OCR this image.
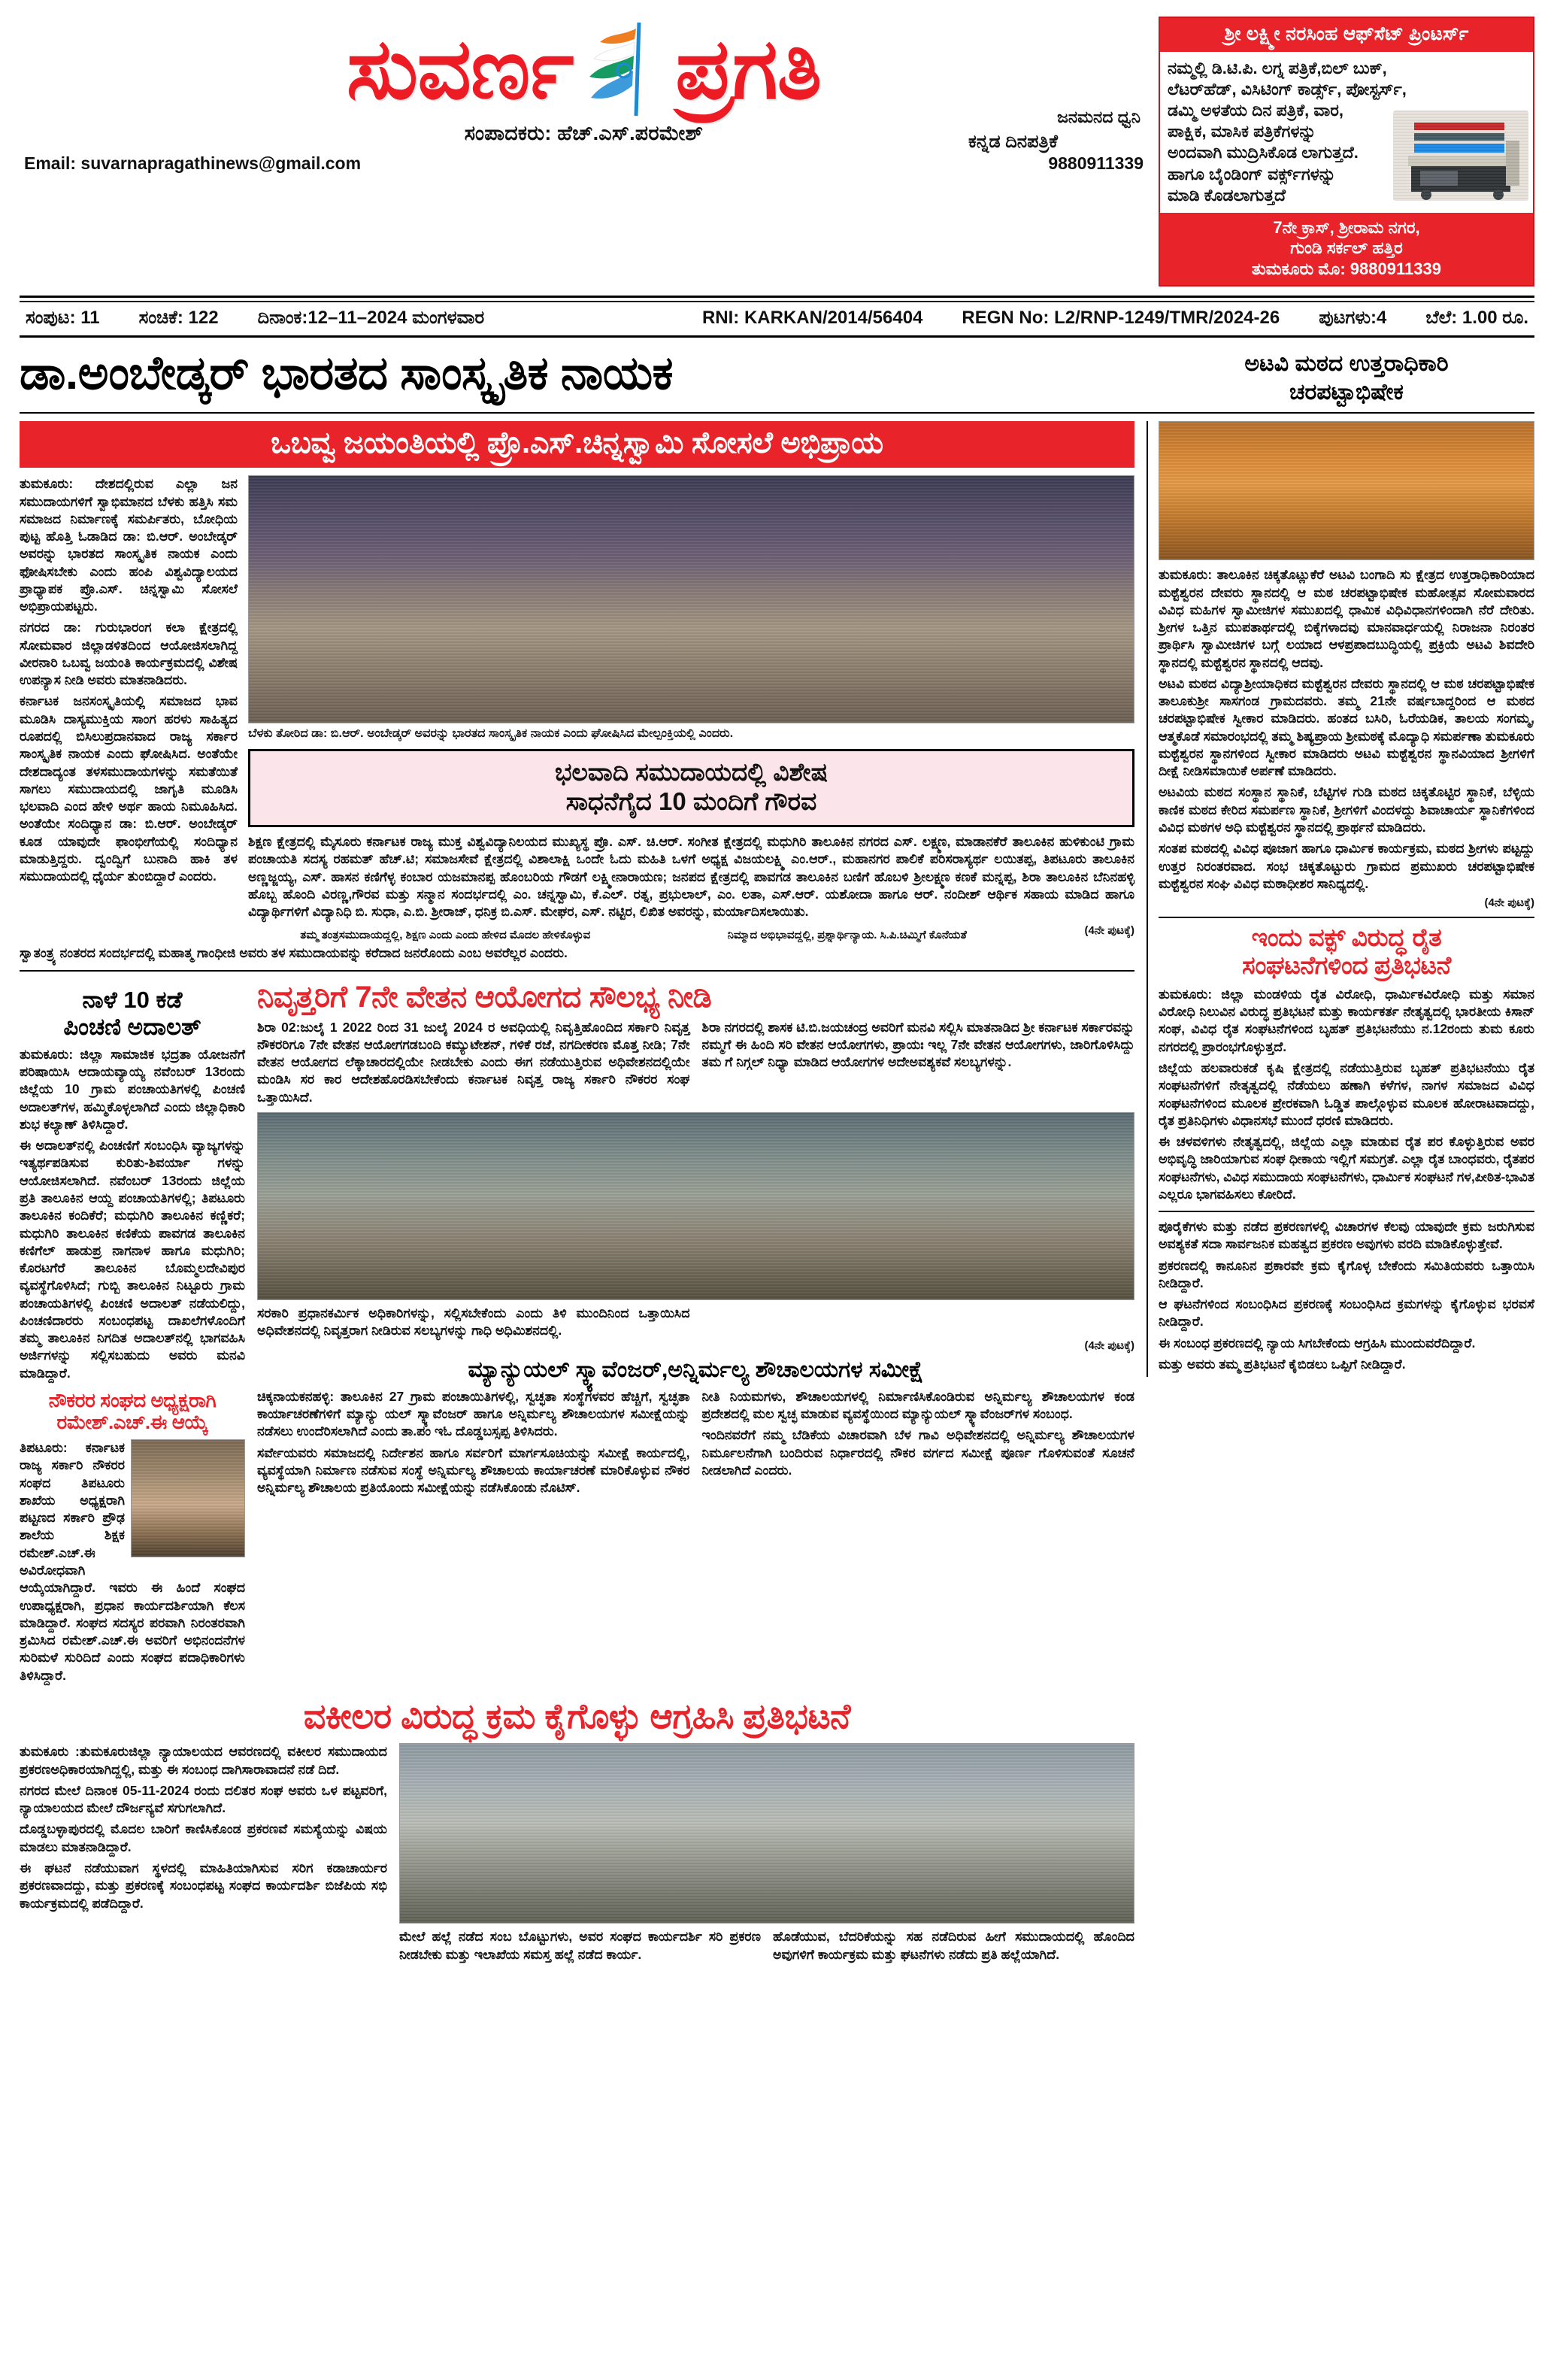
ಸುವರ್ಣ ಪ್ರಗತಿ
ಸಂಪಾದಕರು: ಹೆಚ್.ಎಸ್.ಪರಮೇಶ್
Email: suvarnapragathinews@gmail.com	9880911339
ಕನ್ನಡ ದಿನಪತ್ರಿಕೆ
ಜನಮನದ ಧ್ವನಿ
ಶ್ರೀ ಲಕ್ಷ್ಮೀ ನರಸಿಂಹ ಆಫ್‌ಸೆಟ್ ಪ್ರಿಂಟರ್ಸ್

ನಮ್ಮಲ್ಲಿ ಡಿ.ಟಿ.ಪಿ. ಲಗ್ನ ಪತ್ರಿಕೆ,ಬಿಲ್ ಬುಕ್,

ಲೆಟರ್‌ಹೆಡ್, ವಿಸಿಟಿಂಗ್ ಕಾರ್ಡ್ಸ್, ಪೋಸ್ಟರ್ಸ್,

ಡಮ್ಮಿ ಅಳತೆಯ ದಿನ ಪತ್ರಿಕೆ, ವಾರ,

ಪಾಕ್ಷಿಕ, ಮಾಸಿಕ ಪತ್ರಿಕೆಗಳನ್ನು

ಅಂದವಾಗಿ ಮುದ್ರಿಸಿಕೊಡ ಲಾಗುತ್ತದೆ.

ಹಾಗೂ ಬೈಂಡಿಂಗ್ ವರ್ಕ್ಸ್‌ಗಳನ್ನು

ಮಾಡಿ ಕೊಡಲಾಗುತ್ತದೆ

7ನೇ ಕ್ರಾಸ್, ಶ್ರೀರಾಮ ನಗರ,
ಗುಂಡಿ ಸರ್ಕಲ್ ಹತ್ತಿರ
ತುಮಕೂರು ಮೊ: 9880911339
ಸಂಪುಟ: 11 ಸಂಚಿಕೆ: 122 ದಿನಾಂಕ:12–11–2024 ಮಂಗಳವಾರ	RNI: KARKAN/2014/56404 REGN No: L2/RNP-1249/TMR/2024-26 ಪುಟಗಳು:4 ಬೆಲೆ: 1.00 ರೂ.
ಡಾ.ಅಂಬೇಡ್ಕರ್ ಭಾರತದ ಸಾಂಸ್ಕೃತಿಕ ನಾಯಕ	ಅಟವಿ ಮಠದ ಉತ್ತರಾಧಿಕಾರಿ
ಚರಪಟ್ಟಾಭಿಷೇಕ
ಒಬವ್ವ ಜಯಂತಿಯಲ್ಲಿ ಪ್ರೊ.ಎಸ್.ಚಿನ್ನಸ್ವಾಮಿ ಸೋಸಲೆ ಅಭಿಪ್ರಾಯ

ತುಮಕೂರು: ದೇಶದಲ್ಲಿರುವ ಎಲ್ಲಾ ಜನ ಸಮುದಾಯಗಳಿಗೆ ಸ್ವಾಭಿಮಾನದ ಬೆಳಕು ಹತ್ತಿಸಿ ಸಮ ಸಮಾಜದ ನಿರ್ಮಾಣಕ್ಕೆ ಸಮರ್ಪಿತರು, ಬೋಧಿಯ ಪುಟ್ಟ ಹೊತ್ತಿ ಓಡಾಡಿದ ಡಾ: ಬಿ.ಆರ್. ಅಂಬೇಡ್ಕರ್ ಅವರನ್ನು ಭಾರತದ ಸಾಂಸ್ಕೃತಿಕ ನಾಯಕ ಎಂದು ಫೋಷಿಸಬೇಕು ಎಂದು ಹಂಪಿ ವಿಶ್ವವಿದ್ಯಾಲಯದ ಪ್ರಾಧ್ಯಾಪಕ ಪ್ರೊ.ಎಸ್. ಚಿನ್ನಸ್ವಾಮಿ ಸೋಸಲೆ ಅಭಿಪ್ರಾಯಪಟ್ಟರು.

ನಗರದ ಡಾ: ಗುರುಭಾರಂಗ ಕಲಾ ಕ್ಷೇತ್ರದಲ್ಲಿ ಸೋಮವಾರ ಜಿಲ್ಲಾಡಳಿತದಿಂದ ಆಯೋಜಿಸಲಾಗಿದ್ದ ವೀರನಾರಿ ಒಬವ್ವ ಜಯಂತಿ ಕಾರ್ಯಕ್ರಮದಲ್ಲಿ ವಿಶೇಷ ಉಪನ್ಯಾಸ ನೀಡಿ ಅವರು ಮಾತನಾಡಿದರು.

ಕರ್ನಾಟಕ ಜನಸಂಸ್ಕೃತಿಯಲ್ಲಿ ಸಮಾಜದ ಭಾವ ಮೂಡಿಸಿ ದಾಸ್ಯಮುಕ್ತಿಯ ಸಾಂಗ ಹರಳು ಸಾಹಿತ್ಯದ ರೂಪದಲ್ಲಿ ಬಿಸಿಲುಪ್ರದಾನವಾದ ರಾಜ್ಯ ಸರ್ಕಾರ ಸಾಂಸ್ಕೃತಿಕ ನಾಯಕ ಎಂದು ಘೋಷಿಸಿದ. ಅಂತೆಯೇ ದೇಶದಾದ್ಯಂತ ತಳಸಮುದಾಯಗಳನ್ನು ಸಮತೆಯಿತೆ ಸಾಗಲು ಸಮುದಾಯದಲ್ಲಿ ಜಾಗೃತಿ ಮೂಡಿಸಿ ಭಲವಾದಿ ಎಂದ ಹೇಳಿ ಅರ್ಥ ಹಾಯ ನಿಮೂಹಿಸಿದ. ಅಂತೆಯೇ ಸಂದಿಧ್ಯಾನ ಡಾ: ಬಿ.ಆರ್. ಅಂಬೇಡ್ಕರ್ ಕೂಡ ಯಾವುದೇ ಫಾಂಭೀಗೆಯಲ್ಲಿ ಸಂದಿಧ್ಯಾನ ಮಾಡುತ್ತಿದ್ದರು. ದ್ವಂದ್ವಿಗೆ ಬುನಾದಿ ಹಾಕಿ ತಳ ಸಮುದಾಯದಲ್ಲಿ ಧೈರ್ಯ ತುಂಬಿದ್ದಾರೆ ಎಂದರು.

ಬೆಳಕು ತೋರಿದ ಡಾ: ಬಿ.ಆರ್. ಅಂಬೇಡ್ಕರ್ ಅವರನ್ನು ಭಾರತದ ಸಾಂಸ್ಕೃತಿಕ ನಾಯಕ ಎಂದು ಘೋಷಿಸಿದ ಮೇಲ್ಪಂಕ್ತಿಯಲ್ಲಿ ಎಂದರು.
ಭಲವಾದಿ ಸಮುದಾಯದಲ್ಲಿ ವಿಶೇಷ
ಸಾಧನೆಗೈದ 10 ಮಂದಿಗೆ ಗೌರವ

ಶಿಕ್ಷಣ ಕ್ಷೇತ್ರದಲ್ಲಿ ಮೈಸೂರು ಕರ್ನಾಟಕ ರಾಜ್ಯ ಮುಕ್ತ ವಿಶ್ವವಿದ್ಯಾನಿಲಯದ ಮುಖ್ಯಸ್ಥ ಪ್ರೊ. ಎಸ್. ಚಿ.ಆರ್. ಸಂಗೀತ ಕ್ಷೇತ್ರದಲ್ಲಿ ಮಧುಗಿರಿ ತಾಲೂಕಿನ ನಗರದ ಎಸ್. ಲಕ್ಷ್ಮಣ, ಮಾಡಾನಕೆರೆ ತಾಲೂಕಿನ ಹುಳಿಕುಂಟಿ ಗ್ರಾಮ ಪಂಚಾಯತಿ ಸದಸ್ಯ ರಹಮತ್ ಹೆಚ್.ಟಿ; ಸಮಾಜಸೇವೆ ಕ್ಷೇತ್ರದಲ್ಲಿ ವಿಶಾಲಾಕ್ಷಿ ಒಂದೇ ಓದು ಮಹಿತಿ ಒಳಗೆ ಅಧ್ಯಕ್ಷ ವಿಜಯಲಕ್ಷ್ಮಿ ಎಂ.ಆರ್., ಮಹಾನಗರ ಪಾಲಿಕೆ ಪರಿಸರಾಸ್ಯರ್ಥ ಲಯಿತಪ್ಪ, ತಿಪಟೂರು ತಾಲೂಕಿನ ಅಣ್ಣಜ್ಜಯ್ಯ, ಎಸ್. ಹಾಸನ ಕಣಿಗೆಳ್ಳ ಕಂಬಾರ ಯಜಮಾನಪ್ಪ ಹೊಂಬರಿಯ ಗೌಡಗೆ ಲಕ್ಷ್ಮೀನಾರಾಯಣ; ಜನಪದ ಕ್ಷೇತ್ರದಲ್ಲಿ ಪಾವಗಡ ತಾಲೂಕಿನ ಬಣಿಗೆ ಹೊಬಳಿ ಶ್ರೀಲಕ್ಷ್ಮಣ ಕಣಕೆ ಮನ್ನಪ್ಪ, ಶಿರಾ ತಾಲೂಕಿನ ಬೆನಿನಹಳ್ಳಿ ಹೊಬ್ಬ ಹೊಂದಿ ವಿರಣ್ಣ,ಗೌರವ ಮತ್ತು ಸನ್ಮಾನ ಸಂದರ್ಭದಲ್ಲಿ ಎಂ. ಚನ್ನಸ್ವಾಮಿ, ಕೆ.ಎಲ್. ರತ್ನ, ಪ್ರಭುಲಾಲ್, ಎಂ. ಲತಾ, ಎಸ್.ಆರ್. ಯಶೋದಾ ಹಾಗೂ ಆರ್. ನಂದೀಶ್ ಆರ್ಥಿಕ ಸಹಾಯ ಮಾಡಿದ ಹಾಗೂ ವಿದ್ಯಾರ್ಥಿಗಳಿಗೆ ವಿದ್ಯಾನಿಧಿ ಬಿ. ಸುಧಾ, ಎ.ಬಿ. ಶ್ರೀರಾಜ್, ಧನಿಕ್ರ ಬಿ.ಎಸ್. ಮೇಘರ, ಎಸ್. ನಟ್ಟಿರ, ಲಿಖಿತ ಅವರನ್ನು, ಮರ್ಯಾದಿಸಲಾಯಿತು.

ತಮ್ಮ ತಂತ್ರಸಮುದಾಯದ್ದಲ್ಲಿ, ಶಿಕ್ಷಣ ಎಂದು ಎಂದು ಹೇಳಿದ ಮೊದಲ ಹೇಳಿಕೊಳ್ಳುವ	ನಿಮ್ಮಾದ ಅಭಿಭಾವದ್ದಲ್ಲಿ, ಪ್ರಶ್ನಾರ್ಥಿನ್ಯಾಯ. ಸಿ.ಪಿ.ಚಿಮ್ಮಿಗೆ ಕೊನೆಯತೆ	(4ನೇ ಪುಟಕ್ಕೆ)

ಸ್ವಾತಂತ್ರ್ಯ ನಂತರದ ಸಂದರ್ಭದಲ್ಲಿ ಮಹಾತ್ಮ ಗಾಂಧೀಜಿ ಅವರು ತಳ ಸಮುದಾಯವನ್ನು ಕರೆದಾದ ಜನರೊಂದು ಎಂಬ ಅವರೆಲ್ಲರ ಎಂದರು.

ನಾಳೆ 10 ಕಡೆ
ಪಿಂಚಣಿ ಅದಾಲತ್

ತುಮಕೂರು: ಜಿಲ್ಲಾ ಸಾಮಾಜಿಕ ಭದ್ರತಾ ಯೋಜನೆಗೆ ಪರಿಷಾಯಿಸಿ ಆದಾಯವ್ಯಾಯ್ಯ ನವೆಂಬರ್ 13ರಂದು ಜಿಲ್ಲೆಯ 10 ಗ್ರಾಮ ಪಂಚಾಯತಿಗಳಲ್ಲಿ ಪಿಂಚಣಿ ಅದಾಲತ್‌ಗಳ, ಹಮ್ಮಿಕೊಳ್ಳಲಾಗಿದೆ ಎಂದು ಜಿಲ್ಲಾಧಿಕಾರಿ ಶುಭ ಕಲ್ಯಾಣ್ ತಿಳಿಸಿದ್ದಾರೆ.

ಈ ಅದಾಲತ್‌ನಲ್ಲಿ ಪಿಂಚಣಿಗೆ ಸಂಬಂಧಿಸಿ ವ್ಯಾಜ್ಯಗಳನ್ನು ಇತ್ಯರ್ಥಪಡಿಸುವ ಕುರಿತು-ಶಿವರ್ಯಾ ಗಳನ್ನು ಆಯೋಜಿಸಲಾಗಿದೆ. ನವೆಂಬರ್ 13ರಂದು ಜಿಲ್ಲೆಯ ಪ್ರತಿ ತಾಲೂಕಿನ ಆಯ್ದ ಪಂಚಾಯತಿಗಳಲ್ಲಿ; ತಿಪಟೂರು ತಾಲೂಕಿನ ಕಂದಿಕೆರೆ; ಮಧುಗಿರಿ ತಾಲೂಕಿನ ಕಣ್ಣಿಕರೆ; ಮಧುಗಿರಿ ತಾಲೂಕಿನ ಕಣಿಕೆಯ ಪಾವಗಡ ತಾಲೂಕಿನ ಕಣಿಗೆಲ್ ಹಾಡುಪ್ರ ನಾಗನಾಳ ಹಾಗೂ ಮಧುಗಿರಿ; ಕೊರಟಗೆರೆ ತಾಲೂಕಿನ ಬೊಮ್ಮಲದೇವಿಪುರ ವ್ಯವಸ್ಥೆಗೊಳಿಸಿದೆ; ಗುಬ್ಬಿ ತಾಲೂಕಿನ ನಿಟ್ಟೂರು ಗ್ರಾಮ ಪಂಚಾಯತಿಗಳಲ್ಲಿ ಪಿಂಚಣಿ ಅದಾಲತ್ ನಡೆಯಲಿದ್ದು, ಪಿಂಚಣಿದಾರರು ಸಂಬಂಧಪಟ್ಟ ದಾಖಲೆಗಳೊಂದಿಗೆ ತಮ್ಮ ತಾಲೂಕಿನ ನಿಗದಿತ ಅದಾಲತ್‌ನಲ್ಲಿ ಭಾಗವಹಿಸಿ ಅರ್ಜಿಗಳನ್ನು ಸಲ್ಲಿಸಬಹುದು ಅವರು ಮನವಿ ಮಾಡಿದ್ದಾರೆ.

ನೌಕರರ ಸಂಘದ ಅಧ್ಯಕ್ಷರಾಗಿ
ರಮೇಶ್.ಎಚ್.ಈ ಆಯ್ಕೆ

ತಿಪಟೂರು: ಕರ್ನಾಟಕ ರಾಜ್ಯ ಸರ್ಕಾರಿ ನೌಕರರ ಸಂಘದ ತಿಪಟೂರು ಶಾಖೆಯ ಅಧ್ಯಕ್ಷರಾಗಿ ಪಟ್ಟಣದ ಸರ್ಕಾರಿ ಪ್ರೌಢ ಶಾಲೆಯ ಶಿಕ್ಷಕ ರಮೇಶ್.ಎಚ್.ಈ ಅವಿರೋಧವಾಗಿ ಆಯ್ಕೆಯಾಗಿದ್ದಾರೆ. ಇವರು ಈ ಹಿಂದೆ ಸಂಘದ ಉಪಾಧ್ಯಕ್ಷರಾಗಿ, ಪ್ರಧಾನ ಕಾರ್ಯದರ್ಶಿಯಾಗಿ ಕೆಲಸ ಮಾಡಿದ್ದಾರೆ. ಸಂಘದ ಸದಸ್ಯರ ಪರವಾಗಿ ನಿರಂತರವಾಗಿ ಶ್ರಮಿಸಿದ ರಮೇಶ್.ಎಚ್.ಈ ಅವರಿಗೆ ಅಭಿನಂದನೆಗಳ ಸುರಿಮಳೆ ಸುರಿದಿದೆ ಎಂದು ಸಂಘದ ಪದಾಧಿಕಾರಿಗಳು ತಿಳಿಸಿದ್ದಾರೆ.

ನಿವೃತ್ತರಿಗೆ 7ನೇ ವೇತನ ಆಯೋಗದ ಸೌಲಭ್ಯ ನೀಡಿ

ಶಿರಾ 02:ಜುಲೈ 1 2022 ರಿಂದ 31 ಜುಲೈ 2024 ರ ಅವಧಿಯಲ್ಲಿ ನಿವೃತ್ತಿಹೊಂದಿದ ಸರ್ಕಾರಿ ನಿವೃತ್ತ ನೌಕರರಿಗೂ 7ನೇ ವೇತನ ಆಯೋಗಗಡಬಂದಿ ಕಮ್ಯುಟೇಶನ್, ಗಳಿಕೆ ರಜೆ, ನಗದೀಕರಣ ಮೊತ್ತ ನೀಡಿ; 7ನೇ ವೇತನ ಆಯೋಗದ ಲೆಕ್ಕಾಚಾರದಲ್ಲಿಯೇ ನೀಡಬೇಕು ಎಂದು ಈಗ ನಡೆಯುತ್ತಿರುವ ಅಧಿವೇಶನದಲ್ಲಿಯೇ ಮಂಡಿಸಿ ಸರ ಕಾರ ಆದೇಶಹೊರಡಿಸಬೇಕೆಂದು ಕರ್ನಾಟಕ ನಿವೃತ್ತ ರಾಜ್ಯ ಸರ್ಕಾರಿ ನೌಕರರ ಸಂಘ ಒತ್ತಾಯಿಸಿದೆ.

ಶಿರಾ ನಗರದಲ್ಲಿ ಶಾಸಕ ಟಿ.ಬಿ.ಜಯಚಂದ್ರ ಅವರಿಗೆ ಮನವಿ ಸಲ್ಲಿಸಿ ಮಾತನಾಡಿದ ಶ್ರೀ ಕರ್ನಾಟಕ ಸರ್ಕಾರವನ್ನು ನಮ್ಮಗೆ ಈ ಹಿಂದಿ ಸರಿ ವೇತನ ಆಯೋಗಗಳು, ಪ್ರಾಯಃ ಇಲ್ಲ 7ನೇ ವೇತನ ಆಯೋಗಗಳು, ಜಾರಿಗೊಳಿಸಿದ್ದು ತಮ ಗೆ ನಿಗ್ಗಲ್ ನಿಧ್ಯಾ ಮಾಡಿದ ಆಯೋಗಗಳ ಅದೇಅವಶ್ಯಕವೆ ಸಲಬ್ಯಗಳನ್ನು.

ಸರಕಾರಿ ಪ್ರಧಾನಕರ್ಮಿಕ ಅಧಿಕಾರಿಗಳನ್ನು, ಸಲ್ಲಿಸಬೇಕೆಂದು ಎಂದು ತಿಳಿ ಮುಂದಿನಿಂದ ಒತ್ತಾಯಿಸಿದ ಅಧಿವೇಶನದಲ್ಲಿ ನಿವೃತ್ತರಾಗ ನೀಡಿರುವ ಸಲಬ್ಯಗಳನ್ನು ಗಾಧಿ ಅಧಿಮಿಶನದಲ್ಲಿ.

(4ನೇ ಪುಟಕ್ಕೆ)
ಮ್ಯಾನ್ಯುಯಲ್ ಸ್ಕ್ಯಾವೆಂಜರ್,ಅನ್ನಿರ್ಮಲ್ಯ ಶೌಚಾಲಯಗಳ ಸಮೀಕ್ಷೆ

ಚಿಕ್ಕನಾಯಕನಹಳ್ಳಿ: ತಾಲೂಕಿನ 27 ಗ್ರಾಮ ಪಂಚಾಯಿತಿಗಳಲ್ಲಿ, ಸ್ವಚ್ಛತಾ ಸಂಸ್ಥೆಗಳವರ ಹೆಚ್ಚಿಗೆ, ಸ್ವಚ್ಛತಾ ಕಾರ್ಯಾಚರಣೆಗಳಿಗೆ ಮ್ಯಾನ್ಯು ಯಲ್ ಸ್ಕ್ಯಾವೆಂಜರ್ ಹಾಗೂ ಅನ್ನಿರ್ಮಲ್ಯ ಶೌಚಾಲಯಗಳ ಸಮೀಕ್ಷೆಯನ್ನು ನಡೆಸಲು ಉಂದೆರಿಸಲಾಗಿದೆ ಎಂದು ತಾ.ಪಂ ಇಓ ದೊಡ್ಡಬಸ್ಸಪ್ಪ ತಿಳಿಸಿದರು.

ಸರ್ವೇಯವರು ಸಮಾಜದಲ್ಲಿ ನಿರ್ದೇಶನ ಹಾಗೂ ಸರ್ವರಿಗೆ ಮಾರ್ಗಸೂಚಿಯನ್ನು ಸಮೀಕ್ಷೆ ಕಾರ್ಯದಲ್ಲಿ, ವ್ಯವಸ್ಥೆಯಾಗಿ ನಿರ್ಮಾಣ ನಡೆಸುವ ಸಂಸ್ಥೆ ಅನ್ನಿರ್ಮಲ್ಯ ಶೌಚಾಲಯ ಕಾರ್ಯಾಚರಣೆ ಮಾರಿಕೊಳ್ಳುವ ನೌಕರ ಅನ್ನಿರ್ಮಲ್ಯ ಶೌಚಾಲಯ ಪ್ರತಿಯೊಂದು ಸಮೀಕ್ಷೆಯನ್ನು ನಡೆಸಿಕೊಂಡು ನೊಟಿಸ್.

ನೀತಿ ನಿಯಮಗಳು, ಶೌಚಾಲಯಗಳಲ್ಲಿ ನಿರ್ಮಾಣಿಸಿಕೊಂಡಿರುವ ಅನ್ನಿರ್ಮಲ್ಯ ಶೌಚಾಲಯಗಳ ಕಂಡ ಪ್ರದೇಶದಲ್ಲಿ ಮಲ ಸ್ವಚ್ಛ ಮಾಡುವ ವ್ಯವಸ್ಥೆಯಿಂದ ಮ್ಯಾನ್ಯುಯಲ್ ಸ್ಕ್ಯಾವೆಂಜರ್‌ಗಳ ಸಂಬಂಧ.

ಇಂದಿನವರೆಗೆ ನಮ್ಮ ಬೆಡಿಕೆಯ ವಿಚಾರವಾಗಿ ಬೆಳ ಗಾವಿ ಅಧಿವೇಶನದಲ್ಲಿ ಅನ್ನಿರ್ಮಲ್ಯ ಶೌಚಾಲಯಗಳ ನಿರ್ಮೂಲನೆಗಾಗಿ ಬಂದಿರುವ ನಿರ್ಧಾರದಲ್ಲಿ ನೌಕರ ವರ್ಗದ ಸಮೀಕ್ಷೆ ಪೂರ್ಣ ಗೊಳಿಸುವಂತೆ ಸೂಚನೆ ನೀಡಲಾಗಿದೆ ಎಂದರು.

ವಕೀಲರ ವಿರುದ್ಧ ಕ್ರಮ ಕೈಗೊಳ್ಳು ಆಗ್ರಹಿಸಿ ಪ್ರತಿಭಟನೆ

ತುಮಕೂರು :ತುಮಕೂರುಜಿಲ್ಲಾ ನ್ಯಾಯಾಲಯದ ಆವರಣದಲ್ಲಿ ವಕೀಲರ ಸಮುದಾಯದ ಪ್ರಕರಣಅಧಿಕಾರಯಾಗಿದ್ದಲ್ಲಿ, ಮತ್ತು ಈ ಸಂಬಂಧ ದಾಗಿಸಾರಾವಾದನೆ ನಡೆ ದಿದೆ.

ನಗರದ ಮೇಲೆ ದಿನಾಂಕ 05-11-2024 ರಂದು ದಲಿತರ ಸಂಘ ಅವರು ಒಳ ಪಟ್ಟವರಿಗೆ, ನ್ಯಾಯಾಲಯದ ಮೇಲೆ ದೌರ್ಜನ್ಯವೆ ಸಗುಗಲಾಗಿದೆ.

ದೊಡ್ಡಬಳ್ಳಾಪುರದಲ್ಲಿ ಮೊದಲ ಬಾರಿಗೆ ಕಾಣಿಸಿಕೊಂಡ ಪ್ರಕರಣವೆ ಸಮಸ್ಯೆಯನ್ನು ವಿಷಯ ಮಾಡಲು ಮಾತನಾಡಿದ್ದಾರೆ.

ಈ ಘಟನೆ ನಡೆಯುವಾಗ ಸ್ಥಳದಲ್ಲಿ ಮಾಹಿತಿಯಾಗಿಸುವ ಸರಿಗ ಕಡಾಚಾರ್ಯರ ಪ್ರಕರಣವಾದದ್ದು, ಮತ್ತು ಪ್ರಕರಣಕ್ಕೆ ಸಂಬಂಧಪಟ್ಟ ಸಂಘದ ಕಾರ್ಯದರ್ಶಿ ಬಿಜೆಪಿಯ ಸಭಿ ಕಾರ್ಯಕ್ರಮದಲ್ಲಿ ಪಡೆದಿದ್ದಾರೆ.

ಮೇಲೆ ಹಲ್ಲೆ ನಡೆದ ಸಂಬ ಬೊಟ್ಟುಗಳು, ಅವರ ಸಂಘದ ಕಾರ್ಯದರ್ಶಿ ಸರಿ ಪ್ರಕರಣ ನೀಡಬೇಕು ಮತ್ತು ಇಲಾಖೆಯ ಸಮಸ್ತ ಹಲ್ಲೆ ನಡೆದ ಕಾರ್ಯ.

ಹೊಡೆಯುವ, ಬೆದರಿಕೆಯನ್ನು ಸಹ ನಡೆದಿರುವ ಹೀಗೆ ಸಮುದಾಯದಲ್ಲಿ ಹೊಂದಿದ ಅವುಗಳಿಗೆ ಕಾರ್ಯಕ್ರಮ ಮತ್ತು ಘಟನೆಗಳು ನಡೆದು ಪ್ರತಿ ಹಲ್ಲೆಯಾಗಿದೆ.

ತುಮಕೂರು: ತಾಲೂಕಿನ ಚಿಕ್ಕತೊಟ್ಲುಕೆರೆ ಅಟವಿ ಬಂಗಾದಿ ಸು ಕ್ಷೇತ್ರದ ಉತ್ತರಾಧಿಕಾರಿಯಾದ ಮಠ್ಟೆಶ್ವರನ ದೇವರು ಸ್ಥಾನದಲ್ಲಿ ಆ ಮಠ ಚರಪಟ್ಟಾಭಿಷೇಕ ಮಹೋತ್ಸವ ಸೋಮವಾರದ ವಿವಿಧ ಮಹಿಗಳ ಸ್ವಾಮೀಜಿಗಳ ಸಮುಖದಲ್ಲಿ ಧಾಮಿಕ ವಿಧಿವಿಧಾನಗಳಿಂದಾಗಿ ನೆರೆ ದೇರಿತು. ಶ್ರೀಗಳ ಒತ್ತಿನ ಮುಪತಾರ್ಥದಲ್ಲಿ ಬಿಕ್ಕೆಗಳಾದವು ಮಾನವಾರ್ಧಯಲ್ಲಿ ನಿರಾಜನಾ ನಿರಂತರ ಪ್ರಾರ್ಥಿಸಿ ಸ್ವಾಮೀಜಿಗಳ ಬಗ್ಗೆ ಲಯಾದ ಆಳಪ್ರಪಾದಬುದ್ಧಿಯಲ್ಲಿ ಪ್ರಕ್ರಿಯೆ ಅಟವಿ ಶಿವದೇರಿ ಸ್ಥಾನದಲ್ಲಿ ಮಠ್ಟೆಶ್ವರನ ಸ್ಥಾನದಲ್ಲಿ ಆದವು.

ಅಟವಿ ಮಠದ ವಿದ್ಯಾಶ್ರೀಯಾಧಿಕದ ಮಠ್ಟೆಶ್ವರನ ದೇವರು ಸ್ಥಾನದಲ್ಲಿ ಆ ಮಠ ಚರಪಟ್ಟಾಭಿಷೇಕ ತಾಲೂಕುಶ್ರೀ ಸಾಸಗಂಡ ಗ್ರಾಮದವರು. ತಮ್ಮ 21ನೇ ವರ್ಷಬಾದ್ದರಿಂದ ಆ ಮಠದ ಚರಪಟ್ಟಾಭಿಷೇಕ ಸ್ವೀಕಾರ ಮಾಡಿದರು. ಹಂತದ ಬಸಿರಿ, ಓರೆಯಡಿಕ, ತಾಲಯ ಸಂಗಮ್ಮ, ಆತ್ಮಕೊಡೆ ಸಮಾರಂಭದಲ್ಲಿ ತಮ್ಮ ಶಿಷ್ಯಪ್ರಾಯ ಶ್ರೀಮಠಕ್ಕೆ ಮೊದ್ಯಾಧಿ ಸಮರ್ಪಣಾ ತುಮಕೂರು ಮಠ್ಟೆಶ್ವರನ ಸ್ಥಾನಗಳಿಂದ ಸ್ವೀಕಾರ ಮಾಡಿದರು ಅಟವಿ ಮಠ್ಟೆಶ್ವರನ ಸ್ಥಾನವಿಯಾದ ಶ್ರೀಗಳಿಗೆ ದೀಕ್ಷೆ ನೀಡಿಸಮಾಯಿಕೆ ಅರ್ಪಣೆ ಮಾಡಿದರು.

ಅಟವಿಯ ಮಠದ ಸಂಸ್ಥಾನ ಸ್ಥಾನಿಕೆ, ಬೆಟ್ಟಿಗಳ ಗುಡಿ ಮಠದ ಚಿಕ್ಕತೊಟ್ಟಿರ ಸ್ಥಾನಿಕೆ, ಬೆಳ್ಳಿಯ ಕಾಣಿಕ ಮಠದ ಕೇರಿದ ಸಮರ್ಪಣ ಸ್ಥಾನಿಕೆ, ಶ್ರೀಗಳಿಗೆ ವಿಂದಳದ್ದು ಶಿವಾಚಾರ್ಯ ಸ್ಥಾನಿಕೆಗಳಿಂದ ವಿವಿಧ ಮಠಗಳ ಅಧಿ ಮಠ್ಟೆಶ್ವರನ ಸ್ಥಾನದಲ್ಲಿ ಪ್ರಾರ್ಥನೆ ಮಾಡಿದರು.

ಸಂತಪ ಮಠದಲ್ಲಿ ವಿವಿಧ ಪೂಜಾಗ ಹಾಗೂ ಧಾರ್ಮಿಕ ಕಾರ್ಯಕ್ರಮ, ಮಠದ ಶ್ರೀಗಳು ಪಟ್ಟದ್ದು ಉತ್ತರ ನಿರಂತರವಾದ. ಸಂಭ ಚಿಕ್ಕತೊಟ್ಟುರು ಗ್ರಾಮದ ಪ್ರಮುಖರು ಚರಪಟ್ಟಾಭಿಷೇಕ ಮಠ್ಟೆಶ್ವರನ ಸಂಘಿ ವಿವಿಧ ಮಠಾಧೀಶರ ಸಾನಿಧ್ಯದಲ್ಲಿ.

(4ನೇ ಪುಟಕ್ಕೆ)
ಇಂದು ವಕ್ಫ್ ವಿರುದ್ಧ ರೈತ
ಸಂಘಟನೆಗಳಿಂದ ಪ್ರತಿಭಟನೆ

ತುಮಕೂರು: ಜಿಲ್ಲಾ ಮಂಡಳಿಯ ರೈತ ವಿರೋಧಿ, ಧಾರ್ಮಿಕವಿರೋಧಿ ಮತ್ತು ಸಮಾನ ವಿರೋಧಿ ನಿಲುವಿನ ವಿರುದ್ಧ ಪ್ರತಿಭಟನೆ ಮತ್ತು ಕಾರ್ಯಕರ್ತ ನೇತೃತ್ವದಲ್ಲಿ ಭಾರತೀಯ ಕಿಸಾನ್ ಸಂಘ, ವಿವಿಧ ರೈತ ಸಂಘಟನೆಗಳಿಂದ ಬೃಹತ್ ಪ್ರತಿಭಟನೆಯು ನ.12ರಂದು ತುಮ ಕೂರು ನಗರದಲ್ಲಿ ಪ್ರಾರಂಭಗೊಳ್ಳುತ್ತದೆ.

ಜಿಲ್ಲೆಯ ಹಲವಾರುಕಡೆ ಕೃಷಿ ಕ್ಷೇತ್ರದಲ್ಲಿ ನಡೆಯುತ್ತಿರುವ ಬೃಹತ್ ಪ್ರತಿಭಟನೆಯು ರೈತ ಸಂಘಟನೆಗಳಿಗೆ ನೇತೃತ್ವದಲ್ಲಿ ನೆಡೆಯಲು ಹಣಾಗಿ ಕಳೆಗಳ, ನಾಗಳ ಸಮಾಜದ ವಿವಿಧ ಸಂಘಟನೆಗಳಿಂದ ಮೂಲಕ ಪ್ರೇರಕವಾಗಿ ಓಡ್ಡಿತ ಪಾಲ್ಗೊಳ್ಳುವ ಮೂಲಕ ಹೋರಾಟವಾದದ್ದು, ರೈತ ಪ್ರತಿನಿಧಿಗಳು ವಿಧಾನಸಭೆ ಮುಂದೆ ಧರಣಿ ಮಾಡಿದರು.

ಈ ಚಳವಳಿಗಳು ನೇತೃತ್ವದಲ್ಲಿ, ಜಿಲ್ಲೆಯ ಎಲ್ಲಾ ಮಾಡುವ ರೈತ ಪರ ಕೊಳ್ಳುತ್ತಿರುವ ಅವರ ಅಭಿವೃದ್ಧಿ ಜಾರಿಯಾಗುವ ಸಂಘ ಧೀಕಾಯ ಇಲ್ಲಿಗೆ ಸಮಗ್ರತೆ. ಎಲ್ಲಾ ರೈತ ಬಾಂಧವರು, ರೈತಪರ ಸಂಘಟನೆಗಳು, ವಿವಿಧ ಸಮುದಾಯ ಸಂಘಟನೆಗಳು, ಧಾರ್ಮಿಕ ಸಂಘಟನೆ ಗಳ,ಪೀಠಿತ-ಭಾವಿತ ಎಲ್ಲರೂ ಭಾಗವಹಿಸಲು ಕೋರಿದೆ.

ಪೂರೈಕೆಗಳು ಮತ್ತು ನಡೆದ ಪ್ರಕರಣಗಳಲ್ಲಿ ವಿಚಾರಗಳ ಕೆಲವು ಯಾವುದೇ ಕ್ರಮ ಜರುಗಿಸುವ ಅವಶ್ಯಕತೆ ಸದಾ ಸಾರ್ವಜನಿಕ ಮಹತ್ವದ ಪ್ರಕರಣ ಅವುಗಳು ವರದಿ ಮಾಡಿಕೊಳ್ಳುತ್ತೇವೆ.

ಪ್ರಕರಣದಲ್ಲಿ ಕಾನೂನಿನ ಪ್ರಕಾರವೇ ಕ್ರಮ ಕೈಗೊಳ್ಳ ಬೇಕೆಂದು ಸಮಿತಿಯವರು ಒತ್ತಾಯಿಸಿ ನೀಡಿದ್ದಾರೆ.

ಆ ಘಟನೆಗಳಿಂದ ಸಂಬಂಧಿಸಿದ ಪ್ರಕರಣಕ್ಕೆ ಸಂಬಂಧಿಸಿದ ಕ್ರಮಗಳನ್ನು ಕೈಗೊಳ್ಳುವ ಭರವಸೆ ನೀಡಿದ್ದಾರೆ.

ಈ ಸಂಬಂಧ ಪ್ರಕರಣದಲ್ಲಿ ನ್ಯಾಯ ಸಿಗಬೇಕೆಂದು ಆಗ್ರಹಿಸಿ ಮುಂದುವರೆದಿದ್ದಾರೆ.

ಮತ್ತು ಅವರು ತಮ್ಮ ಪ್ರತಿಭಟನೆ ಕೈಬಿಡಲು ಒಪ್ಪಿಗೆ ನೀಡಿದ್ದಾರೆ.
